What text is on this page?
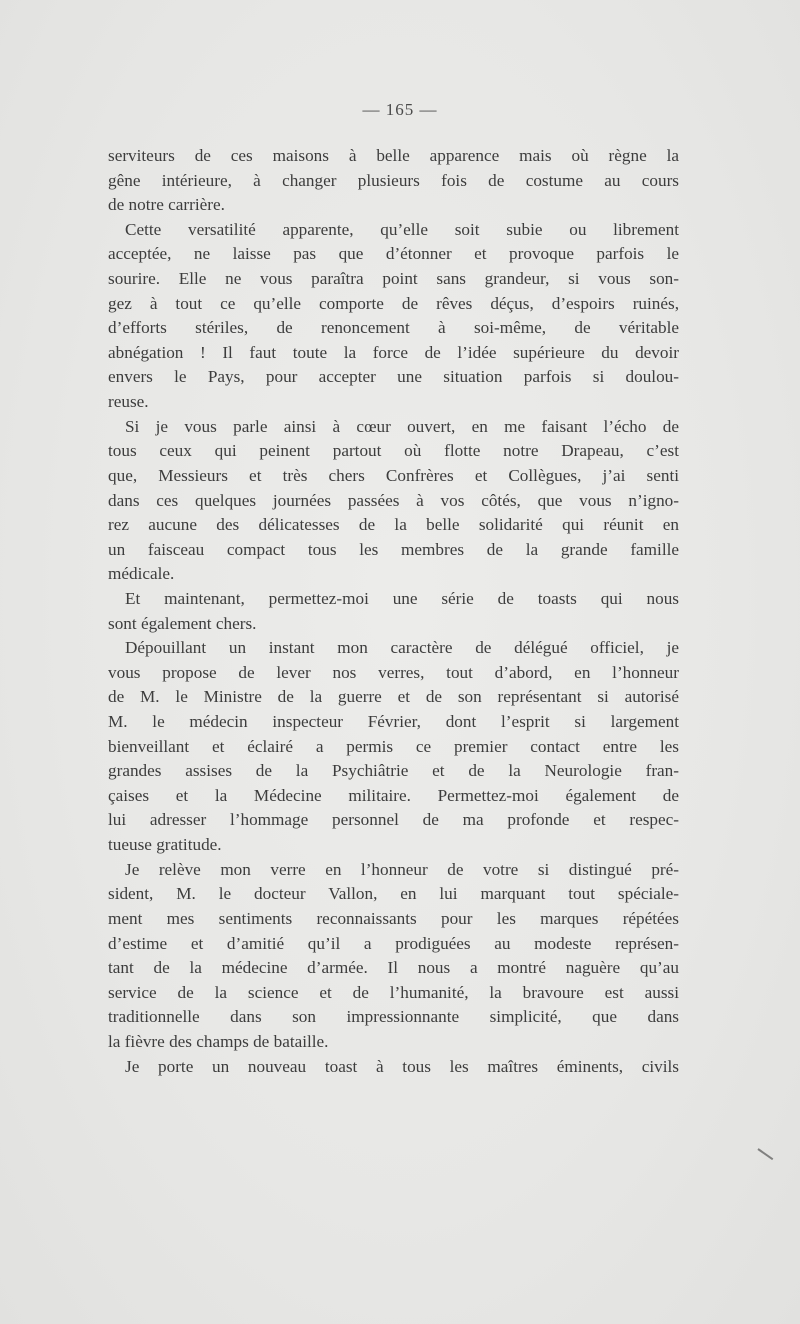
— 165 —
serviteurs de ces maisons à belle apparence mais où règne la
gêne intérieure, à changer plusieurs fois de costume au cours
de notre carrière.
Cette versatilité apparente, qu’elle soit subie ou librement
acceptée, ne laisse pas que d’étonner et provoque parfois le
sourire. Elle ne vous paraîtra point sans grandeur, si vous son-
gez à tout ce qu’elle comporte de rêves déçus, d’espoirs ruinés,
d’efforts stériles, de renoncement à soi-même, de véritable
abnégation ! Il faut toute la force de l’idée supérieure du devoir
envers le Pays, pour accepter une situation parfois si doulou-
reuse.
Si je vous parle ainsi à cœur ouvert, en me faisant l’écho de
tous ceux qui peinent partout où flotte notre Drapeau, c’est
que, Messieurs et très chers Confrères et Collègues, j’ai senti
dans ces quelques journées passées à vos côtés, que vous n’igno-
rez aucune des délicatesses de la belle solidarité qui réunit en
un faisceau compact tous les membres de la grande famille
médicale.
Et maintenant, permettez-moi une série de toasts qui nous
sont également chers.
Dépouillant un instant mon caractère de délégué officiel, je
vous propose de lever nos verres, tout d’abord, en l’honneur
de M. le Ministre de la guerre et de son représentant si autorisé
M. le médecin inspecteur Février, dont l’esprit si largement
bienveillant et éclairé a permis ce premier contact entre les
grandes assises de la Psychiâtrie et de la Neurologie fran-
çaises et la Médecine militaire. Permettez-moi également de
lui adresser l’hommage personnel de ma profonde et respec-
tueuse gratitude.
Je relève mon verre en l’honneur de votre si distingué pré-
sident, M. le docteur Vallon, en lui marquant tout spéciale-
ment mes sentiments reconnaissants pour les marques répétées
d’estime et d’amitié qu’il a prodiguées au modeste représen-
tant de la médecine d’armée. Il nous a montré naguère qu’au
service de la science et de l’humanité, la bravoure est aussi
traditionnelle dans son impressionnante simplicité, que dans
la fièvre des champs de bataille.
Je porte un nouveau toast à tous les maîtres éminents, civils
